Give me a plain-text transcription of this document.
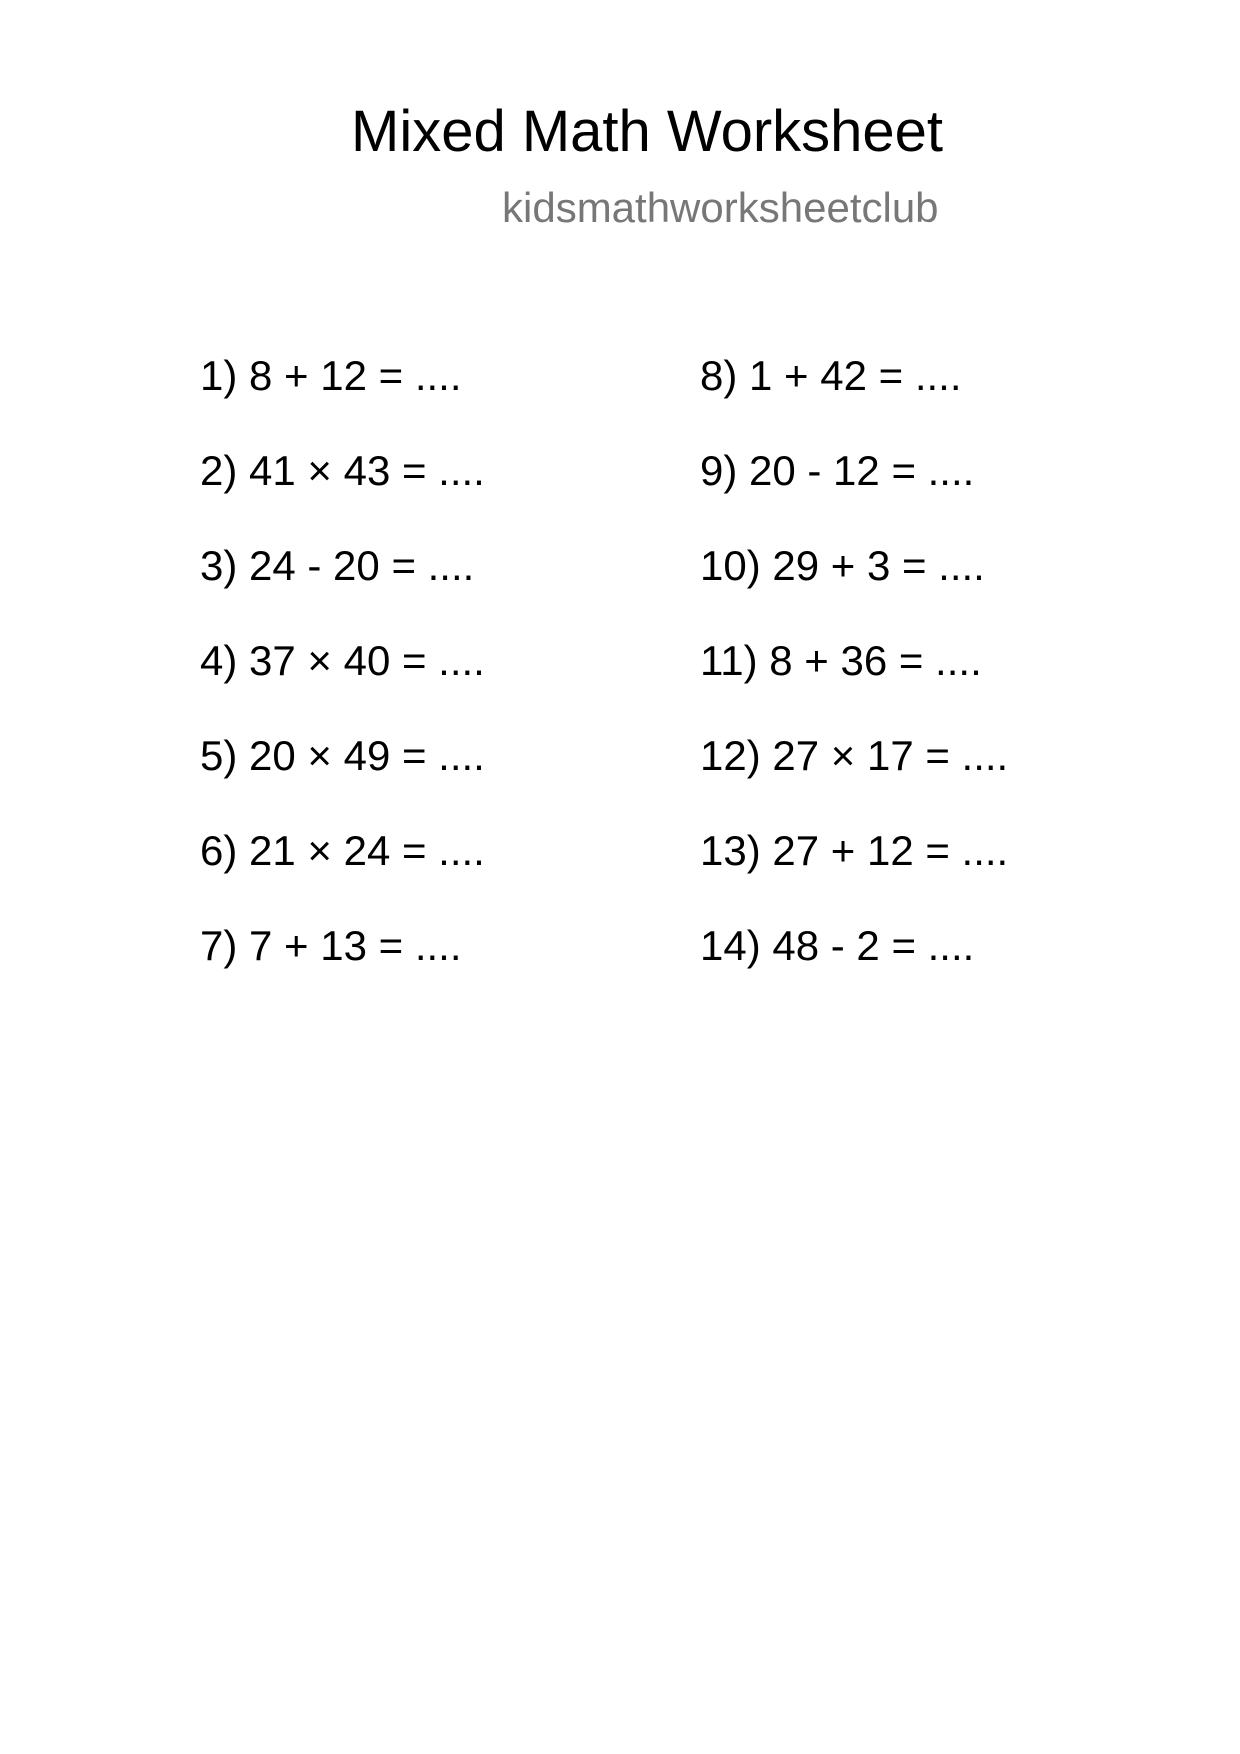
Mixed Math Worksheet
kidsmathworksheetclub
1) 8 + 12 = ....
2) 41 × 43 = ....
3) 24 - 20 = ....
4) 37 × 40 = ....
5) 20 × 49 = ....
6) 21 × 24 = ....
7) 7 + 13 = ....
8) 1 + 42 = ....
9) 20 - 12 = ....
10) 29 + 3 = ....
11) 8 + 36 = ....
12) 27 × 17 = ....
13) 27 + 12 = ....
14) 48 - 2 = ....
